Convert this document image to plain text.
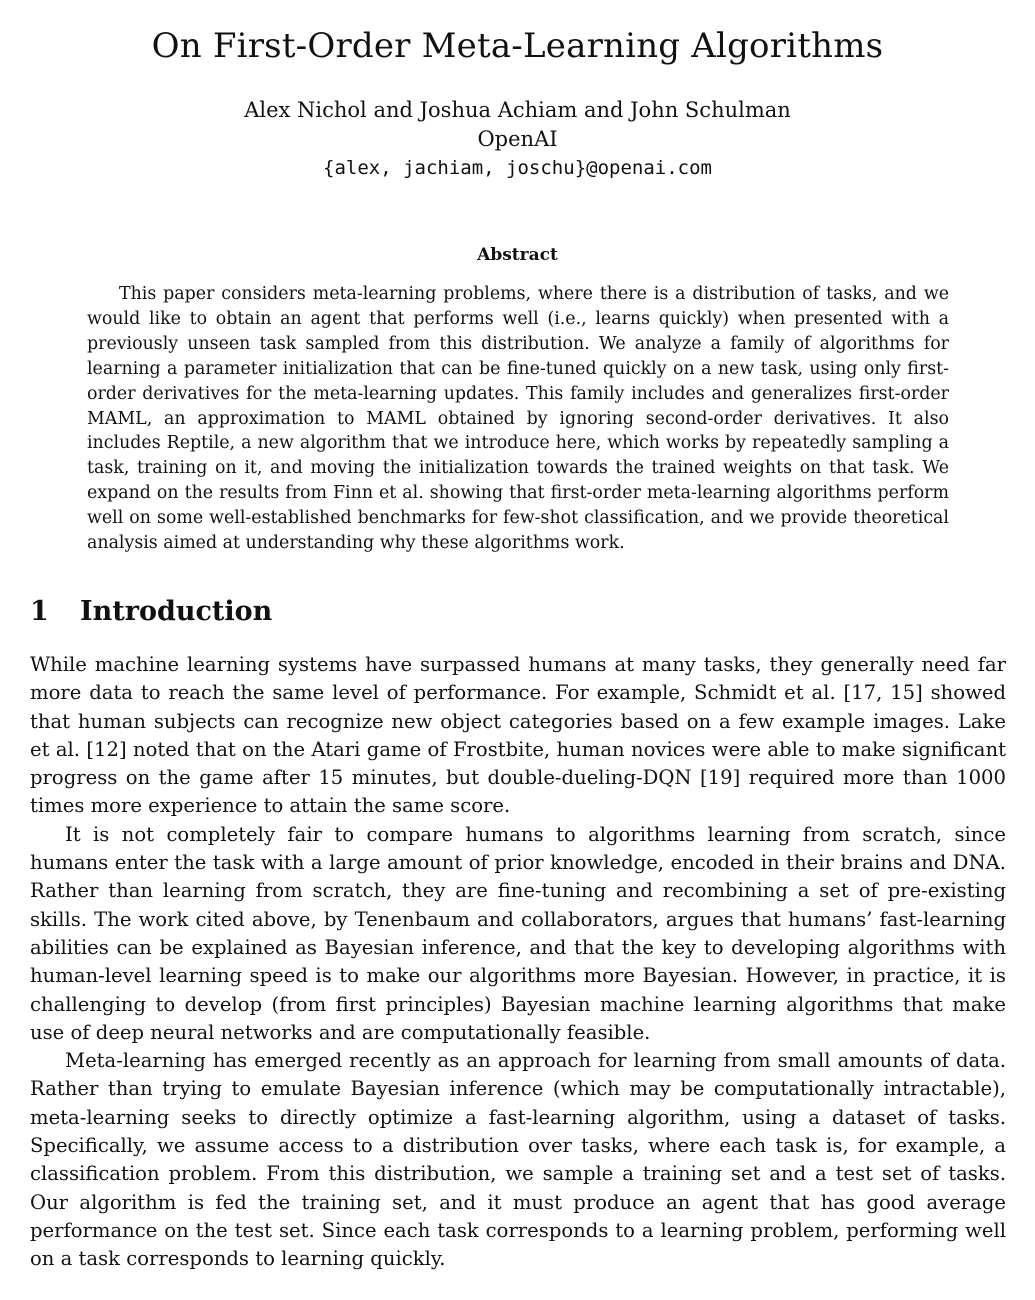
On First-Order Meta-Learning Algorithms
Alex Nichol and Joshua Achiam and John Schulman
OpenAI
{alex, jachiam, joschu}@openai.com
Abstract

This paper considers meta-learning problems, where there is a distribution of tasks, and we would like to obtain an agent that performs well (i.e., learns quickly) when presented with a previously unseen task sampled from this distribution. We analyze a family of algorithms for learning a parameter initialization that can be fine-tuned quickly on a new task, using only first-order derivatives for the meta-learning updates. This family includes and generalizes first-order MAML, an approximation to MAML obtained by ignoring second-order derivatives. It also includes Reptile, a new algorithm that we introduce here, which works by repeatedly sampling a task, training on it, and moving the initialization towards the trained weights on that task. We expand on the results from Finn et al. showing that first-order meta-learning algorithms perform well on some well-established benchmarks for few-shot classification, and we provide theoretical analysis aimed at understanding why these algorithms work.

1 Introduction

While machine learning systems have surpassed humans at many tasks, they generally need far more data to reach the same level of performance. For example, Schmidt et al. [17, 15] showed that human subjects can recognize new object categories based on a few example images. Lake et al. [12] noted that on the Atari game of Frostbite, human novices were able to make significant progress on the game after 15 minutes, but double-dueling-DQN [19] required more than 1000 times more experience to attain the same score.

It is not completely fair to compare humans to algorithms learning from scratch, since humans enter the task with a large amount of prior knowledge, encoded in their brains and DNA. Rather than learning from scratch, they are fine-tuning and recombining a set of pre-existing skills. The work cited above, by Tenenbaum and collaborators, argues that humans’ fast-learning abilities can be explained as Bayesian inference, and that the key to developing algorithms with human-level learning speed is to make our algorithms more Bayesian. However, in practice, it is challenging to develop (from first principles) Bayesian machine learning algorithms that make use of deep neural networks and are computationally feasible.

Meta-learning has emerged recently as an approach for learning from small amounts of data. Rather than trying to emulate Bayesian inference (which may be computationally intractable), meta-learning seeks to directly optimize a fast-learning algorithm, using a dataset of tasks. Specifically, we assume access to a distribution over tasks, where each task is, for example, a classification problem. From this distribution, we sample a training set and a test set of tasks. Our algorithm is fed the training set, and it must produce an agent that has good average performance on the test set. Since each task corresponds to a learning problem, performing well on a task corresponds to learning quickly.
